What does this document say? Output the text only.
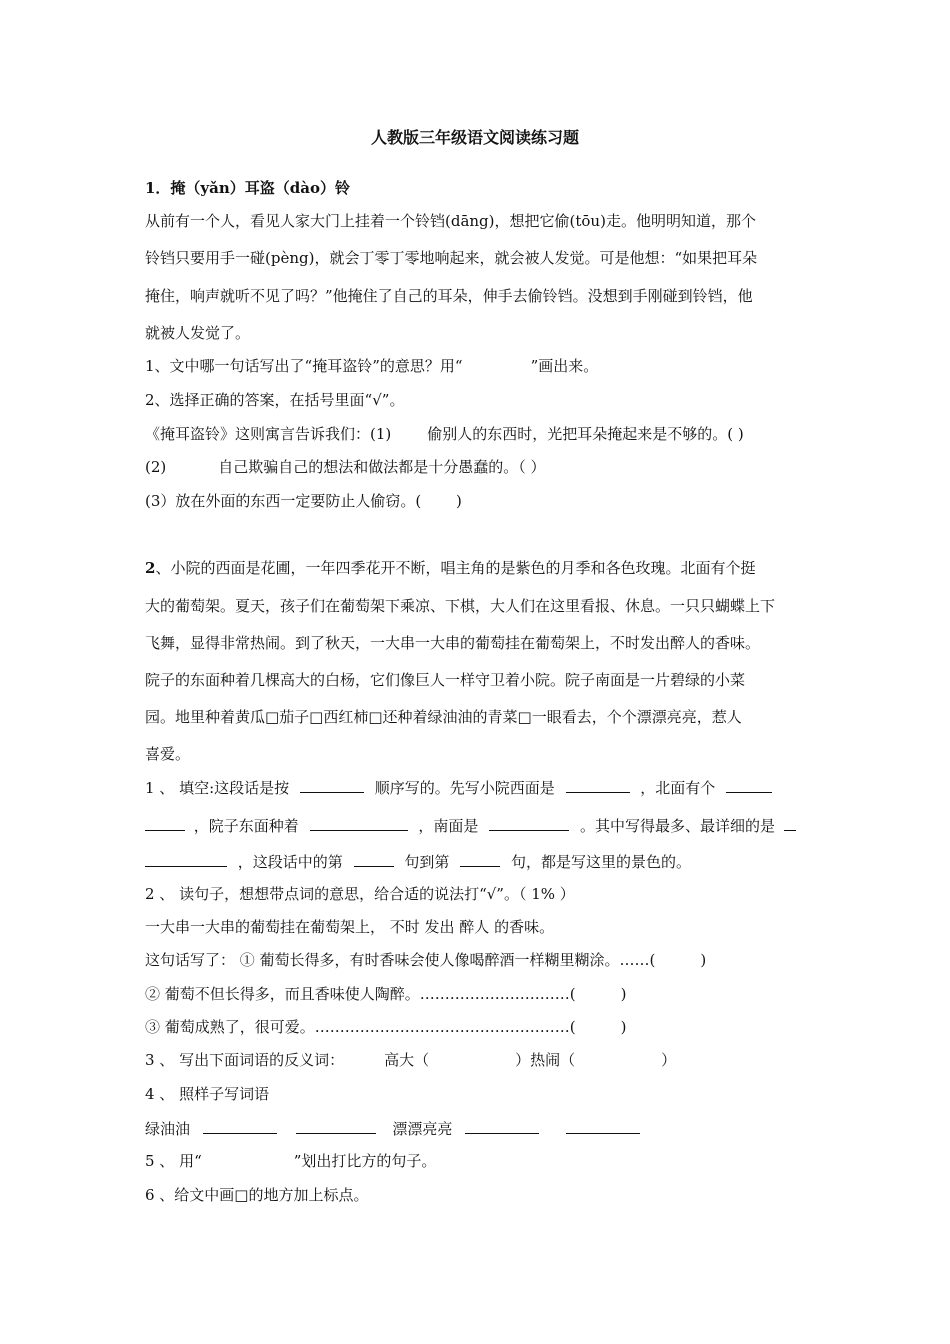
人教版三年级语文阅读练习题
1．掩（yǎn）耳盗（dào）铃
从前有一个人，看见人家大门上挂着一个铃铛(dāng)，想把它偷(tōu)走。他明明知道，那个
铃铛只要用手一碰(pèng)，就会丁零丁零地响起来，就会被人发觉。可是他想：“如果把耳朵
掩住，响声就听不见了吗？”他掩住了自己的耳朵，伸手去偷铃铛。没想到手刚碰到铃铛，他
就被人发觉了。
1、文中哪一句话写出了“掩耳盗铃”的意思？用“	”画出来。
2、选择正确的答案，在括号里面“√”。
《掩耳盗铃》这则寓言告诉我们：(1) 偷别人的东西时，光把耳朵掩起来是不够的。( )
(2)	自己欺骗自己的想法和做法都是十分愚蠢的。（ ）
(3）放在外面的东西一定要防止人偷窃。(　　 )
2、小院的西面是花圃，一年四季花开不断，唱主角的是紫色的月季和各色玫瑰。北面有个挺
大的葡萄架。夏天，孩子们在葡萄架下乘凉、下棋，大人们在这里看报、休息。一只只蝴蝶上下
飞舞，显得非常热闹。到了秋天，一大串一大串的葡萄挂在葡萄架上，不时发出醉人的香味。
院子的东面种着几棵高大的白杨，它们像巨人一样守卫着小院。院子南面是一片碧绿的小菜
园。地里种着黄瓜□茄子□西红柿□还种着绿油油的青菜□一眼看去，个个漂漂亮亮，惹人
喜爱。
1 、 填空:这段话是按	顺序写的。先写小院西面是	，北面有个
，院子东面种着	，南面是	。其中写得最多、最详细的是
，这段话中的第	句到第	句，都是写这里的景色的。
2 、 读句子，想想带点词的意思，给合适的说法打“√”。（ 1% ）
一大串一大串的葡萄挂在葡萄架上， 不时 发出 醉人 的香味。
这句话写了： ① 葡萄长得多，有时香味会使人像喝醉酒一样糊里糊涂。……(　　　)
② 葡萄不但长得多，而且香味使人陶醉。…………………………(　　　)
③ 葡萄成熟了，很可爱。……………………………………………(　　　)
3 、 写出下面词语的反义词：	高大（	）热闹（	）
4 、 照样子写词语
绿油油	漂漂亮亮
5 、 用“	”划出打比方的句子。
6 、给文中画□的地方加上标点。
